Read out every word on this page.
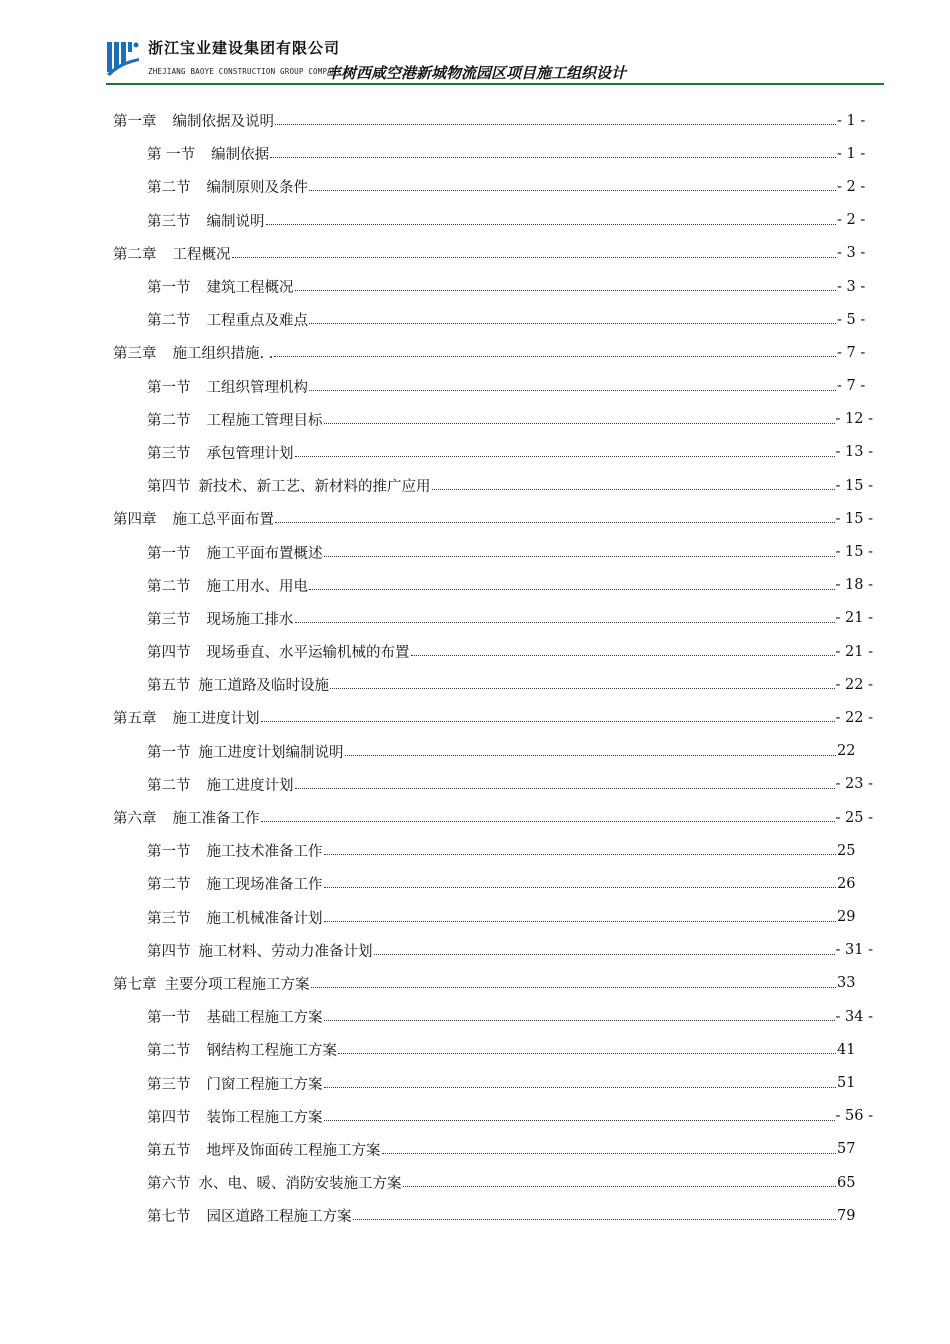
浙江宝业建设集团有限公司
ZHEJIANG BAOYE CONSTRUCTION GROUP COMPANY
丰树西咸空港新城物流园区项目施工组织设计
第一章	编制依据及说明	- 1 -
第 一节	编制依据	- 1 -
第二节	编制原则及条件	- 2 -
第三节	编制说明	- 2 -
第二章	工程概况	- 3 -
第一节	建筑工程概况	- 3 -
第二节	工程重点及难点	- 5 -
第三章	施工组织措施. .	- 7 -
第一节	工组织管理机构	- 7 -
第二节	工程施工管理目标	- 12 -
第三节	承包管理计划	- 13 -
第四节 新技术、新工艺、新材料的推广应用	- 15 -
第四章	施工总平面布置	- 15 -
第一节	施工平面布置概述	- 15 -
第二节	施工用水、用电	- 18 -
第三节	现场施工排水	- 21 -
第四节	现场垂直、水平运输机械的布置	- 21 -
第五节 施工道路及临时设施	- 22 -
第五章	施工进度计划	- 22 -
第一节 施工进度计划编制说明	22
第二节	施工进度计划	- 23 -
第六章	施工准备工作	- 25 -
第一节	施工技术准备工作	25
第二节	施工现场准备工作	26
第三节	施工机械准备计划	29
第四节 施工材料、劳动力准备计划	- 31 -
第七章 主要分项工程施工方案	33
第一节	基础工程施工方案	- 34 -
第二节	钢结构工程施工方案	41
第三节	门窗工程施工方案	51
第四节	装饰工程施工方案	- 56 -
第五节	地坪及饰面砖工程施工方案	57
第六节 水、电、暖、消防安装施工方案	65
第七节	园区道路工程施工方案	79
